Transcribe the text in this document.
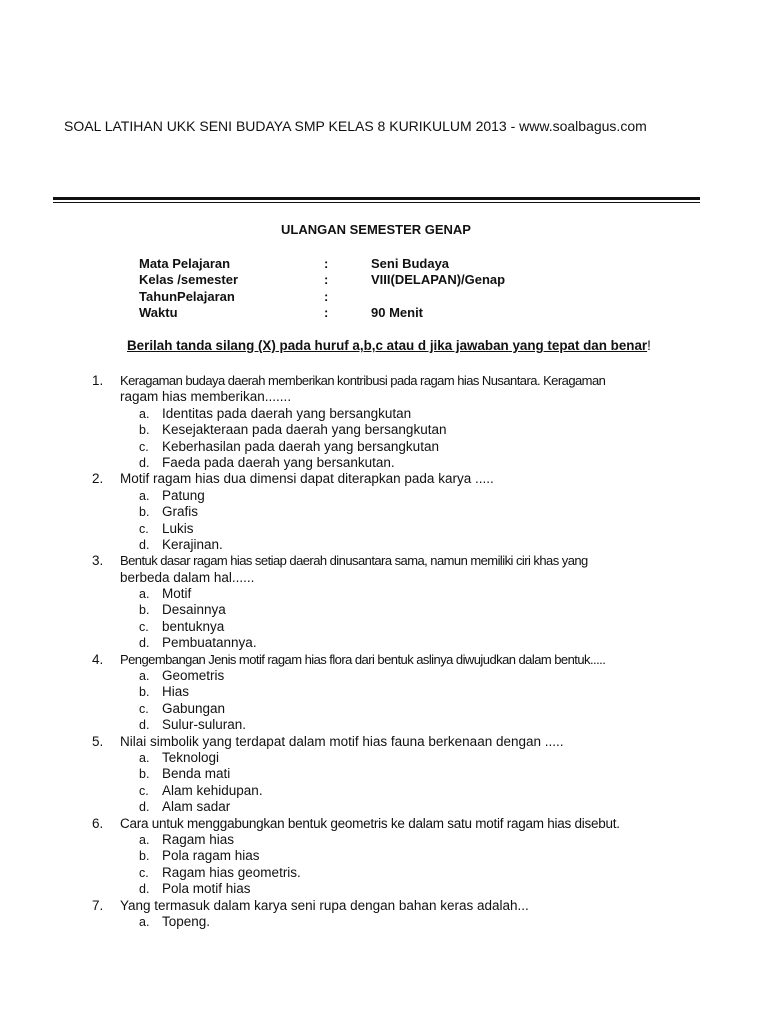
SOAL LATIHAN UKK SENI BUDAYA SMP KELAS 8 KURIKULUM 2013 - www.soalbagus.com
ULANGAN SEMESTER GENAP
Mata Pelajaran	:	Seni Budaya
Kelas /semester	:	VIII(DELAPAN)/Genap
TahunPelajaran	:
Waktu	:	90 Menit
Berilah tanda silang (X) pada huruf a,b,c atau d jika jawaban yang tepat dan benar!
1. Keragaman budaya daerah memberikan kontribusi pada ragam hias Nusantara. Keragaman
ragam hias memberikan.......
a. Identitas pada daerah yang bersangkutan
b. Kesejakteraan pada daerah yang bersangkutan
c. Keberhasilan pada daerah yang bersangkutan
d. Faeda pada daerah yang bersankutan.
2. Motif ragam hias dua dimensi dapat diterapkan pada karya .....
a. Patung
b. Grafis
c. Lukis
d. Kerajinan.
3. Bentuk dasar ragam hias setiap daerah dinusantara sama, namun memiliki ciri khas yang
berbeda dalam hal......
a. Motif
b. Desainnya
c. bentuknya
d. Pembuatannya.
4. Pengembangan Jenis motif ragam hias flora dari bentuk aslinya diwujudkan dalam bentuk.....
a. Geometris
b. Hias
c. Gabungan
d. Sulur-suluran.
5. Nilai simbolik yang terdapat dalam motif hias fauna berkenaan dengan .....
a. Teknologi
b. Benda mati
c. Alam kehidupan.
d. Alam sadar
6. Cara untuk menggabungkan bentuk geometris ke dalam satu motif ragam hias disebut.
a. Ragam hias
b. Pola ragam hias
c. Ragam hias geometris.
d. Pola motif hias
7. Yang termasuk dalam karya seni rupa dengan bahan keras adalah...
a. Topeng.
